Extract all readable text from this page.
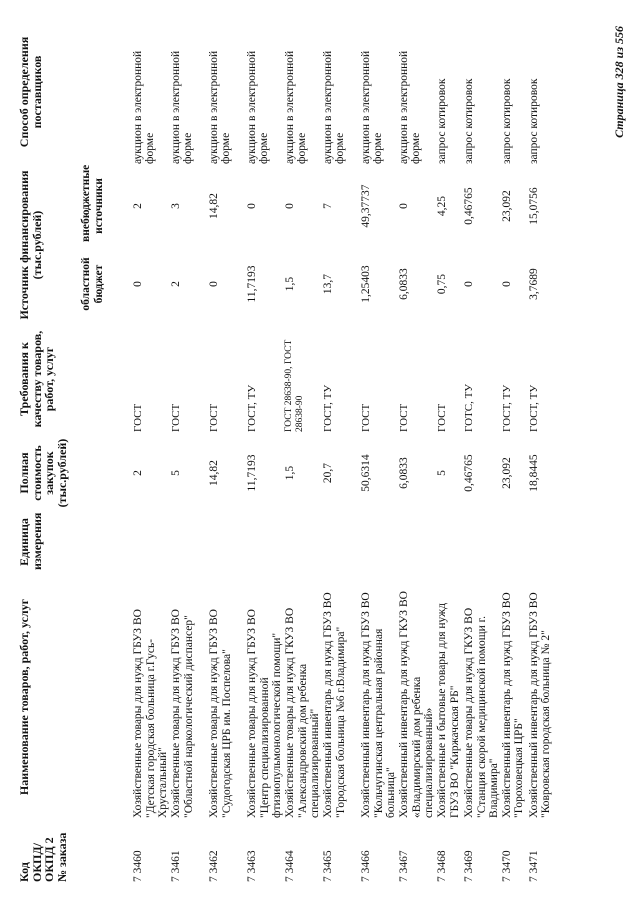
Код ОКПД/ ОКПД 2 № заказа	Наименование товаров, работ, услуг	Единица измерения	Полная стоимость закупок (тыс.рублей)	Требования к качеству товаров, работ, услуг	Источник финансирования (тыс.рублей)		Способ определения поставщиков
					областной бюджет	внебюджетные источники	
7 3460	Хозяйственные товары для нужд ГБУЗ ВО "Детская городская больница г.Гусь-Хрустальный"		2	ГОСТ	0	2	аукцион в электронной форме
7 3461	Хозяйственные товары для нужд ГБУЗ ВО "Областной наркологический диспансер"		5	ГОСТ	2	3	аукцион в электронной форме
7 3462	Хозяйственные товары для нужд ГБУЗ ВО "Судогодская ЦРБ им. Поспелова"		14,82	ГОСТ	0	14,82	аукцион в электронной форме
7 3463	Хозяйственные товары для нужд ГБУЗ ВО "Центр специализированной фтизиопульмонологической помощи"		11,7193	ГОСТ, ТУ	11,7193	0	аукцион в электронной форме
7 3464	Хозяйственные товары для нужд ГКУЗ ВО "Александровский дом ребенка специализированный"		1,5	ГОСТ 28638-90, ГОСТ 28638-90	1,5	0	аукцион в электронной форме
7 3465	Хозяйственный инвентарь для нужд ГБУЗ ВО "Городская больница №6 г.Владимира"		20,7	ГОСТ, ТУ	13,7	7	аукцион в электронной форме
7 3466	Хозяйственный инвентарь для нужд ГБУЗ ВО "Кольчугинская центральная районная больница"		50,6314	ГОСТ	1,25403	49,37737	аукцион в электронной форме
7 3467	Хозяйственный инвентарь для нужд ГКУЗ ВО «Владимирский дом ребенка специализированный»		6,0833	ГОСТ	6,0833	0	аукцион в электронной форме
7 3468	Хозяйственные и бытовые товары для нужд ГБУЗ ВО "Киржачская РБ"		5	ГОСТ	0,75	4,25	запрос котировок
7 3469	Хозяйственные товары для нужд ГКУЗ ВО "Станция скорой медицинской помощи г. Владимира"		0,46765	ГОТС, ТУ	0	0,46765	запрос котировок
7 3470	Хозяйственный инвентарь для нужд ГБУЗ ВО "Гороховецкая ЦРБ"		23,092	ГОСТ, ТУ	0	23,092	запрос котировок
7 3471	Хозяйственный инвентарь для нужд ГБУЗ ВО "Ковровская городская больница № 2"		18,8445	ГОСТ, ТУ	3,7689	15,0756	запрос котировок	Страница 328 из 556
